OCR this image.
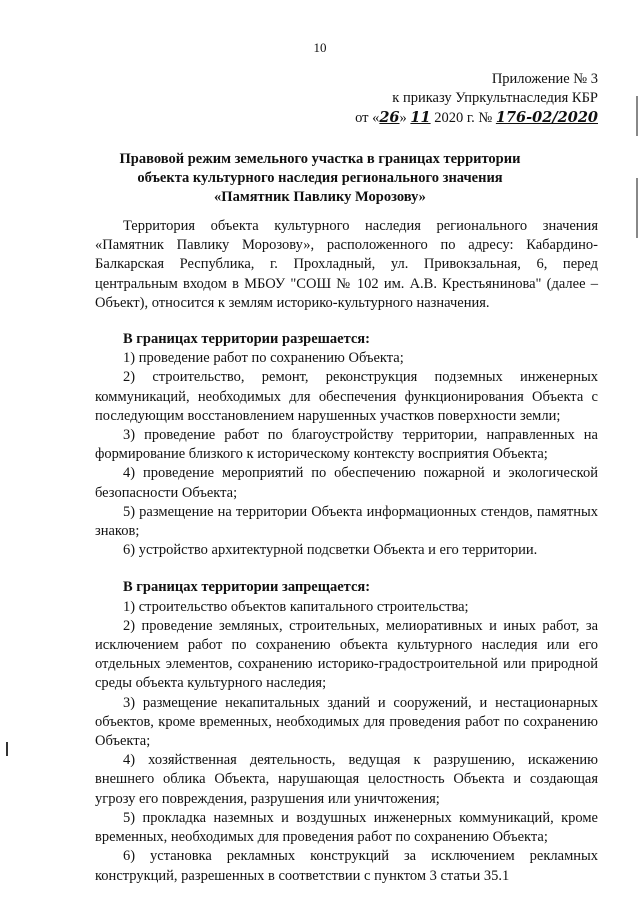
10
Приложение № 3
к приказу Упркультнаследия КБР
от «26» 11 2020 г. № 176-02/2020
Правовой режим земельного участка в границах территории
объекта культурного наследия регионального значения
«Памятник Павлику Морозову»

Территория объекта культурного наследия регионального значения «Памятник Павлику Морозову», расположенного по адресу: Кабардино-Балкарская Республика, г. Прохладный, ул. Привокзальная, 6, перед центральным входом в МБОУ "СОШ № 102 им. А.В. Крестьянинова" (далее – Объект), относится к землям историко-культурного назначения.

В границах территории разрешается:

1) проведение работ по сохранению Объекта;

2) строительство, ремонт, реконструкция подземных инженерных коммуникаций, необходимых для обеспечения функционирования Объекта с последующим восстановлением нарушенных участков поверхности земли;

3) проведение работ по благоустройству территории, направленных на формирование близкого к историческому контексту восприятия Объекта;

4) проведение мероприятий по обеспечению пожарной и экологической безопасности Объекта;

5) размещение на территории Объекта информационных стендов, памятных знаков;

6) устройство архитектурной подсветки Объекта и его территории.

В границах территории запрещается:

1) строительство объектов капитального строительства;

2) проведение земляных, строительных, мелиоративных и иных работ, за исключением работ по сохранению объекта культурного наследия или его отдельных элементов, сохранению историко-градостроительной или природной среды объекта культурного наследия;

3) размещение некапитальных зданий и сооружений, и нестационарных объектов, кроме временных, необходимых для проведения работ по сохранению Объекта;

4) хозяйственная деятельность, ведущая к разрушению, искажению внешнего облика Объекта, нарушающая целостность Объекта и создающая угрозу его повреждения, разрушения или уничтожения;

5) прокладка наземных и воздушных инженерных коммуникаций, кроме временных, необходимых для проведения работ по сохранению Объекта;

6) установка рекламных конструкций за исключением рекламных конструкций, разрешенных в соответствии с пунктом 3 статьи 35.1
